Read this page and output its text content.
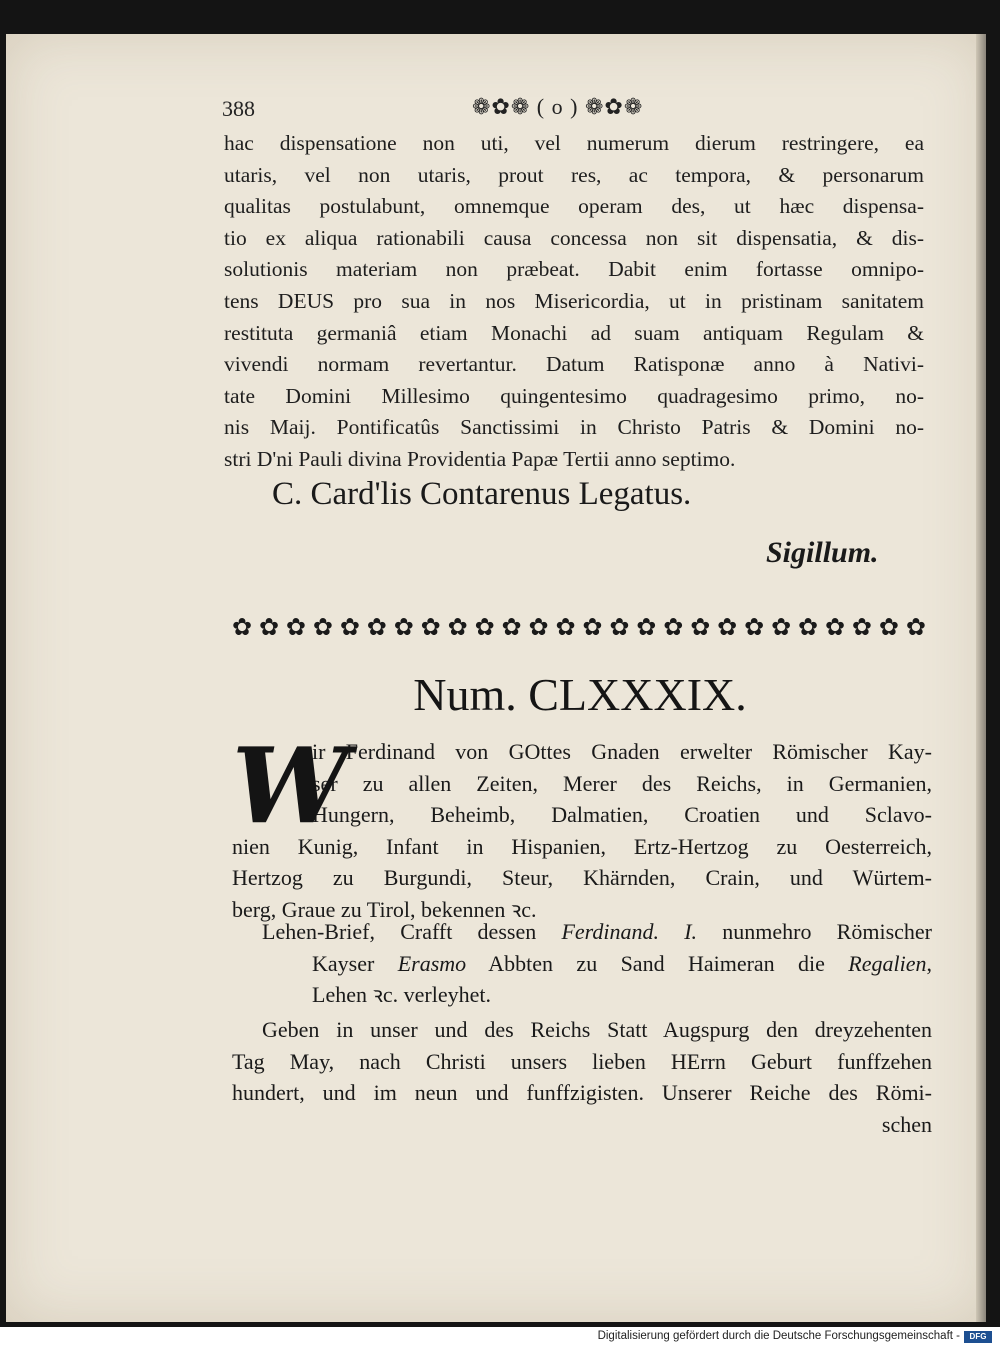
388	❁✿❁ ( o ) ❁✿❁
hac dispensatione non uti, vel numerum dierum restringere, ea
utaris, vel non utaris, prout res, ac tempora, & personarum
qualitas postulabunt, omnemque operam des, ut hæc dispensa-
tio ex aliqua rationabili causa concessa non sit dispensatia, & dis-
solutionis materiam non præbeat. Dabit enim fortasse omnipo-
tens DEUS pro sua in nos Misericordia, ut in pristinam sanitatem
restituta germaniâ etiam Monachi ad suam antiquam Regulam &
vivendi normam revertantur. Datum Ratisponæ anno à Nativi-
tate Domini Millesimo quingentesimo quadragesimo primo, no-
nis Maij. Pontificatûs Sanctissimi in Christo Patris & Domini no-
stri D'ni Pauli divina Providentia Papæ Tertii anno septimo.
C. Card'lis Contarenus Legatus.
Sigillum.
✿ ✿ ✿ ✿ ✿ ✿ ✿ ✿ ✿ ✿ ✿ ✿ ✿ ✿ ✿ ✿ ✿ ✿ ✿ ✿ ✿ ✿ ✿ ✿ ✿ ✿
Num. CLXXXIX.
W
ir Ferdinand von GOttes Gnaden erwelter Römischer Kay-
ser zu allen Zeiten, Merer des Reichs, in Germanien,
Hungern, Beheimb, Dalmatien, Croatien und Sclavo-
nien Kunig, Infant in Hispanien, Ertz-Hertzog zu Oesterreich,
Hertzog zu Burgundi, Steur, Khärnden, Crain, und Würtem-
berg, Graue zu Tirol, bekennen ꝛc.
Lehen-Brief, Crafft dessen Ferdinand. I. nunmehro Römischer
Kayser Erasmo Abbten zu Sand Haimeran die Regalien,
Lehen ꝛc. verleyhet.
Geben in unser und des Reichs Statt Augspurg den dreyzehenten
Tag May, nach Christi unsers lieben HErrn Geburt funffzehen
hundert, und im neun und funffzigisten. Unserer Reiche des Römi-
schen
Digitalisierung gefördert durch die Deutsche Forschungsgemeinschaft -	DFG
